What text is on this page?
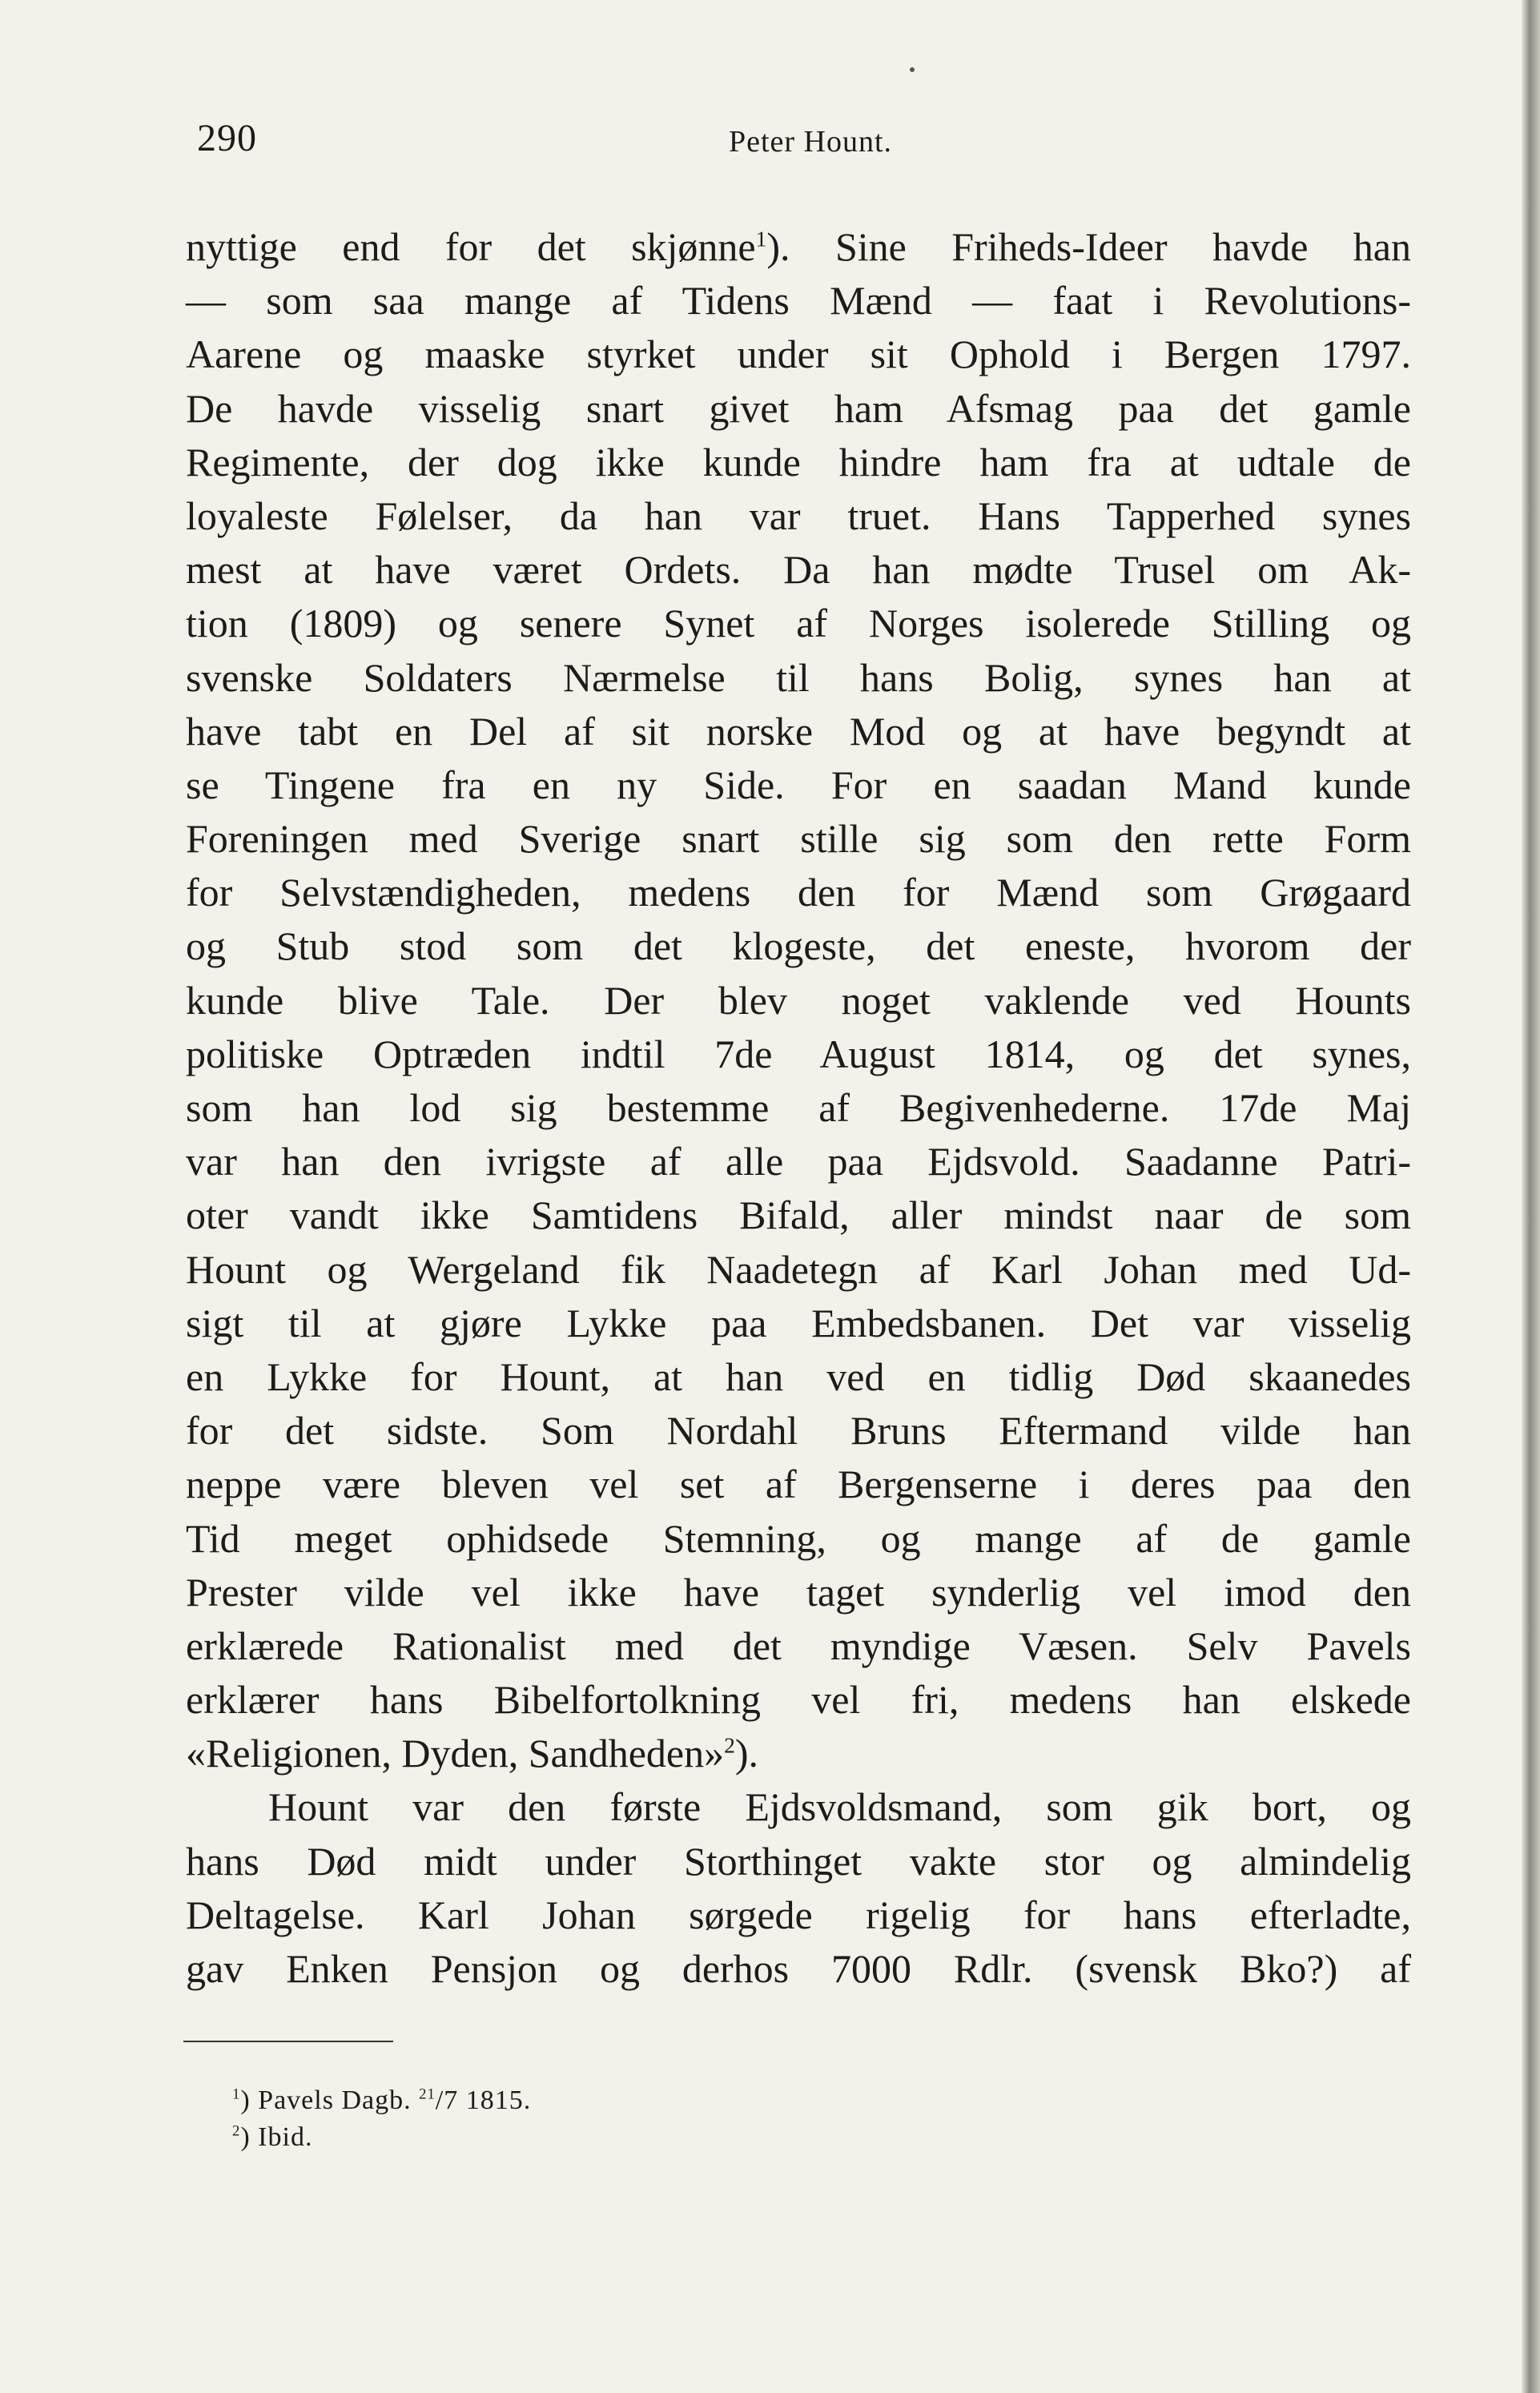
290	Peter Hount.
nyttige end for det skjønne$^1$). Sine Friheds-Ideer havde han
— som saa mange af Tidens Mænd — faat i Revolutions-
Aarene og maaske styrket under sit Ophold i Bergen 1797.
De havde visselig snart givet ham Afsmag paa det gamle
Regimente, der dog ikke kunde hindre ham fra at udtale de
loyaleste Følelser, da han var truet. Hans Tapperhed synes
mest at have været Ordets. Da han mødte Trusel om Ak-
tion (1809) og senere Synet af Norges isolerede Stilling og
svenske Soldaters Nærmelse til hans Bolig, synes han at
have tabt en Del af sit norske Mod og at have begyndt at
se Tingene fra en ny Side. For en saadan Mand kunde
Foreningen med Sverige snart stille sig som den rette Form
for Selvstændigheden, medens den for Mænd som Grøgaard
og Stub stod som det klogeste, det eneste, hvorom der
kunde blive Tale. Der blev noget vaklende ved Hounts
politiske Optræden indtil 7de August 1814, og det synes,
som han lod sig bestemme af Begivenhederne. 17de Maj
var han den ivrigste af alle paa Ejdsvold. Saadanne Patri-
oter vandt ikke Samtidens Bifald, aller mindst naar de som
Hount og Wergeland fik Naadetegn af Karl Johan med Ud-
sigt til at gjøre Lykke paa Embedsbanen. Det var visselig
en Lykke for Hount, at han ved en tidlig Død skaanedes
for det sidste. Som Nordahl Bruns Eftermand vilde han
neppe være bleven vel set af Bergenserne i deres paa den
Tid meget ophidsede Stemning, og mange af de gamle
Prester vilde vel ikke have taget synderlig vel imod den
erklærede Rationalist med det myndige Væsen. Selv Pavels
erklærer hans Bibelfortolkning vel fri, medens han elskede
«Religionen, Dyden, Sandheden»$^2$).
Hount var den første Ejdsvoldsmand, som gik bort, og
hans Død midt under Storthinget vakte stor og almindelig
Deltagelse. Karl Johan sørgede rigelig for hans efterladte,
gav Enken Pensjon og derhos 7000 Rdlr. (svensk Bko?) af
$^1$) Pavels Dagb. $^{21}$/7 1815.
$^2$) Ibid.
